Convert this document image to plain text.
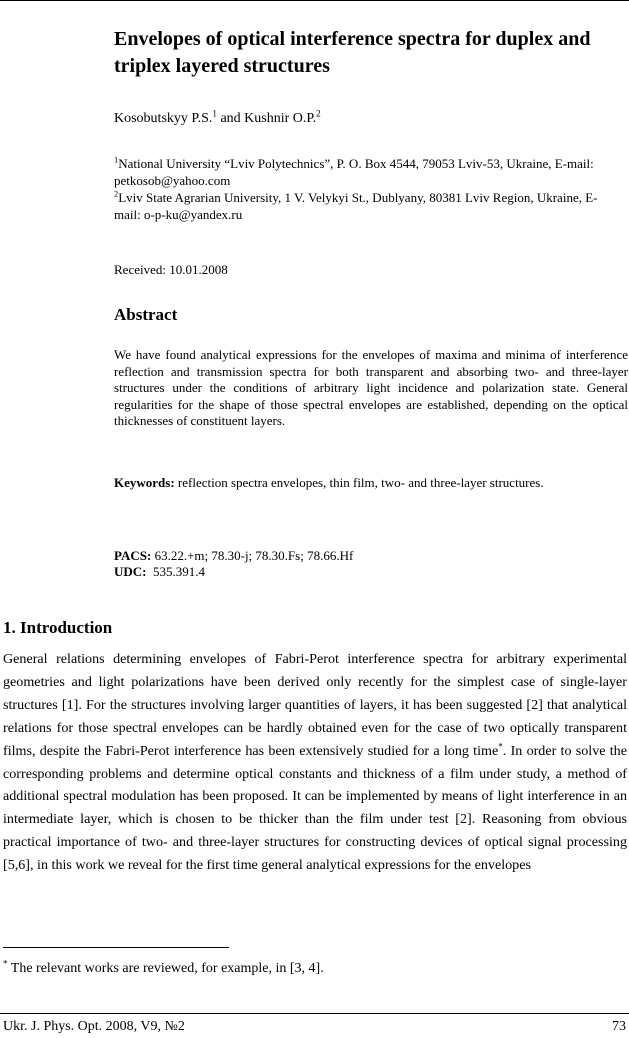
Envelopes of optical interference spectra for duplex and triplex layered structures
Kosobutskyy P.S.$^1$ and Kushnir O.P.$^2$
$^1$National University “Lviv Polytechnics”, P. O. Box 4544, 79053 Lviv-53, Ukraine, E-mail: petkosob@yahoo.com
$^2$Lviv State Agrarian University, 1 V. Velykyi St., Dublyany, 80381 Lviv Region, Ukraine, E-mail: o-p-ku@yandex.ru
Received: 10.01.2008
Abstract

We have found analytical expressions for the envelopes of maxima and minima of interference reflection and transmission spectra for both transparent and absorbing two- and three-layer structures under the conditions of arbitrary light incidence and polarization state. General regularities for the shape of those spectral envelopes are established, depending on the optical thicknesses of constituent layers.

Keywords: reflection spectra envelopes, thin film, two- and three-layer structures.

PACS: 63.22.+m; 78.30-j; 78.30.Fs; 78.66.Hf
UDC:  535.391.4
1. Introduction

General relations determining envelopes of Fabri-Perot interference spectra for arbitrary experimental geometries and light polarizations have been derived only recently for the simplest case of single-layer structures [1]. For the structures involving larger quantities of layers, it has been suggested [2] that analytical relations for those spectral envelopes can be hardly obtained even for the case of two optically transparent films, despite the Fabri-Perot interference has been extensively studied for a long time*. In order to solve the corresponding problems and determine optical constants and thickness of a film under study, a method of additional spectral modulation has been proposed. It can be implemented by means of light interference in an intermediate layer, which is chosen to be thicker than the film under test [2]. Reasoning from obvious practical importance of two- and three-layer structures for constructing devices of optical signal processing [5,6], in this work we reveal for the first time general analytical expressions for the envelopes

* The relevant works are reviewed, for example, in [3, 4].
Ukr. J. Phys. Opt. 2008, V9, №2	73
